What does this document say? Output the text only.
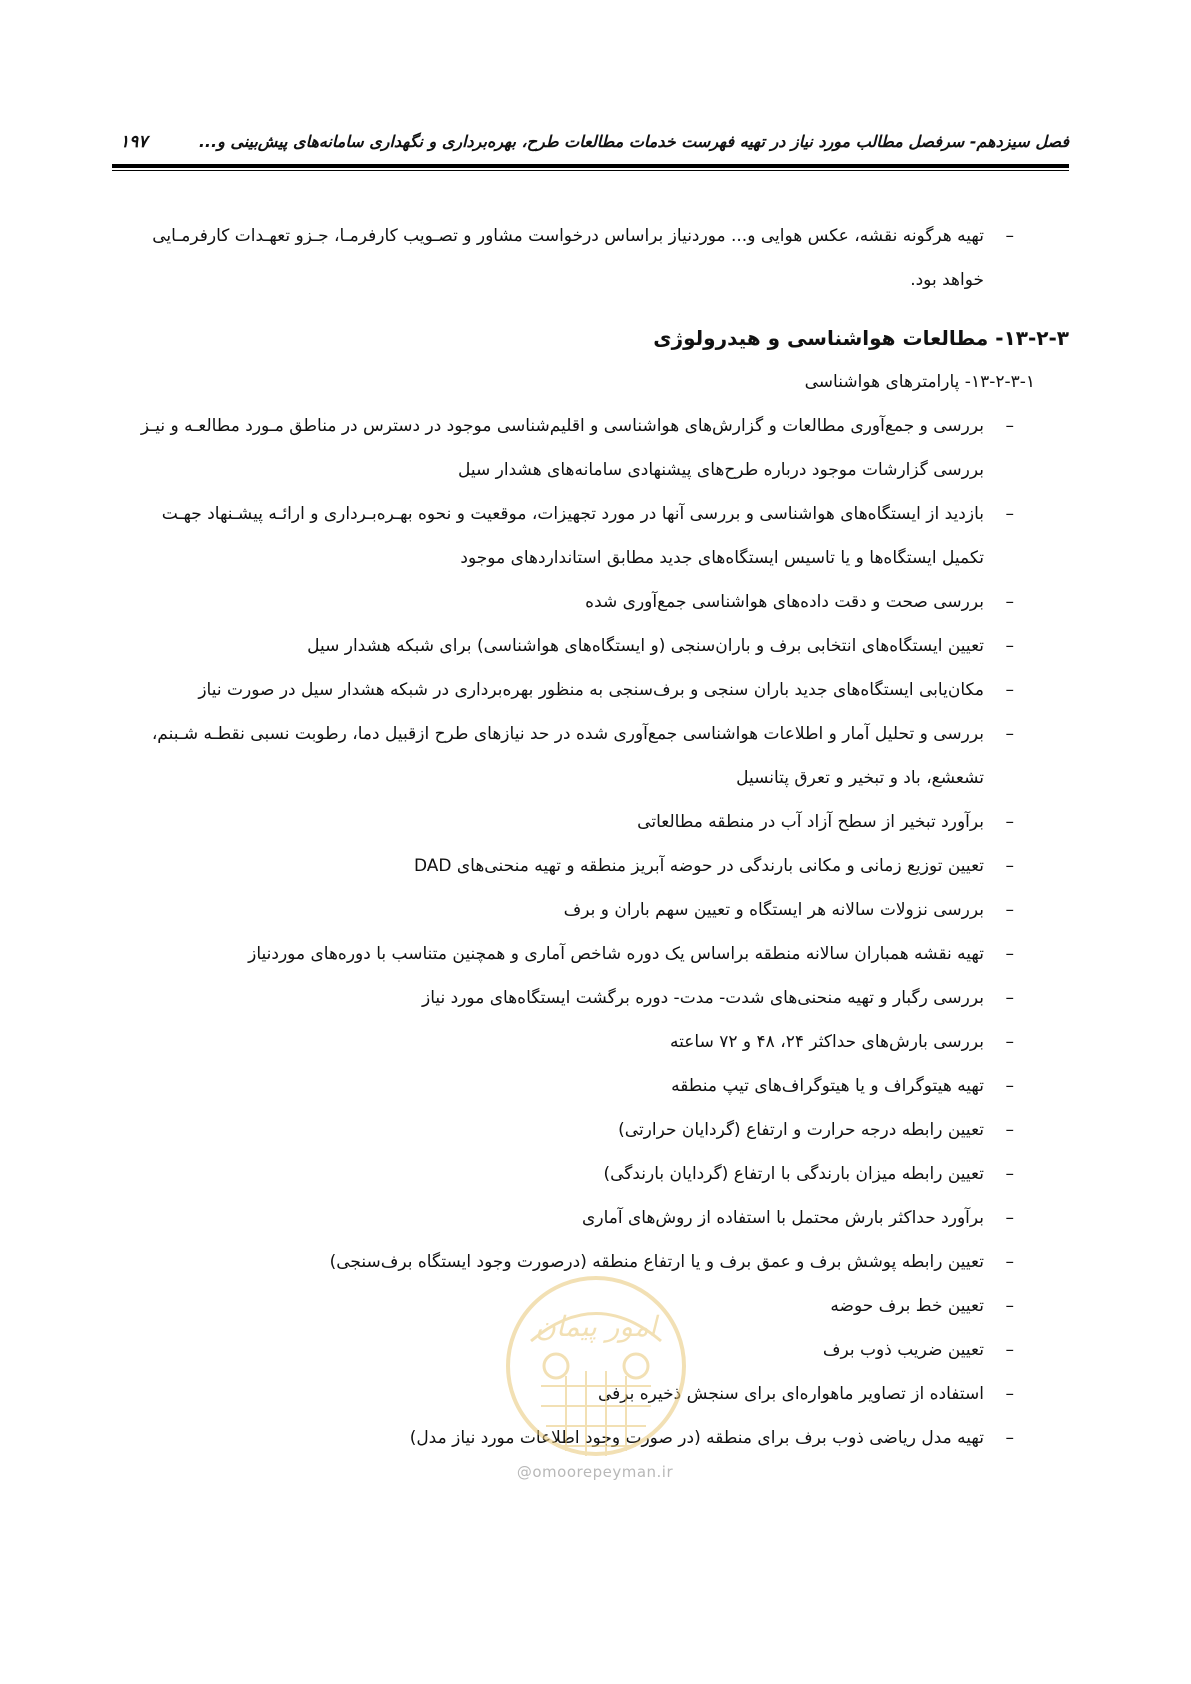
فصل سیزدهم- سرفصل مطالب مورد نیاز در تهیه فهرست خدمات مطالعات طرح، بهره‌برداری و نگهداری سامانه‌های پیش‌بینی و...
۱۹۷
–
تهیه هرگونه نقشه، عکس هوایی و... موردنیاز براساس درخواست مشاور و تصـویب کارفرمـا، جـزو تعهـدات کارفرمـایی
خواهد بود.
۱۳-۲-۳- مطالعات هواشناسی و هیدرولوژی
۱۳-۲-۳-۱- پارامترهای هواشناسی
–
بررسی و جمع‌آوری مطالعات و گزارش‌های هواشناسی و اقلیم‌شناسی موجود در دسترس در مناطق مـورد مطالعـه و نیـز
بررسی گزارشات موجود درباره طرح‌های پیشنهادی سامانه‌های هشدار سیل
–
بازدید از ایستگاه‌های هواشناسی و بررسی آنها در مورد تجهیزات، موقعیت و نحوه بهـره‌بـرداری و ارائـه پیشـنهاد جهـت
تکمیل ایستگاه‌ها و یا تاسیس ایستگاه‌های جدید مطابق استانداردهای موجود
–
بررسی صحت و دقت داده‌های هواشناسی جمع‌آوری شده
–
تعیین ایستگاه‌های انتخابی برف و باران‌سنجی (و ایستگاه‌های هواشناسی) برای شبکه هشدار سیل
–
مکان‌یابی ایستگاه‌های جدید باران سنجی و برف‌سنجی به منظور بهره‌برداری در شبکه هشدار سیل در صورت نیاز
–
بررسی و تحلیل آمار و اطلاعات هواشناسی جمع‌آوری شده در حد نیازهای طرح ازقبیل دما، رطوبت نسبی نقطـه شـبنم،
تشعشع، باد و تبخیر و تعرق پتانسیل
–
برآورد تبخیر از سطح آزاد آب در منطقه مطالعاتی
–
تعیین توزیع زمانی و مکانی بارندگی در حوضه آبریز منطقه و تهیه منحنی‌های DAD
–
بررسی نزولات سالانه هر ایستگاه و تعیین سهم باران و برف
–
تهیه نقشه همباران سالانه منطقه براساس یک دوره شاخص آماری و همچنین متناسب با دوره‌های موردنیاز
–
بررسی رگبار و تهیه منحنی‌های شدت- مدت- دوره برگشت ایستگاه‌های مورد نیاز
–
بررسی بارش‌های حداکثر ۲۴، ۴۸ و ۷۲ ساعته
–
تهیه هیتوگراف و یا هیتوگراف‌های تیپ منطقه
–
تعیین رابطه درجه حرارت و ارتفاع (گردایان حرارتی)
–
تعیین رابطه میزان بارندگی با ارتفاع (گردایان بارندگی)
–
برآورد حداکثر بارش محتمل با استفاده از روش‌های آماری
–
تعیین رابطه پوشش برف و عمق برف و یا ارتفاع منطقه (درصورت وجود ایستگاه برف‌سنجی)
–
تعیین خط برف حوضه
–
تعیین ضریب ذوب برف
–
استفاده از تصاویر ماهواره‌ای برای سنجش ذخیره برفی
–
تهیه مدل ریاضی ذوب برف برای منطقه (در صورت وجود اطلاعات مورد نیاز مدل)
امور پیمان
@omoorepeyman.ir
